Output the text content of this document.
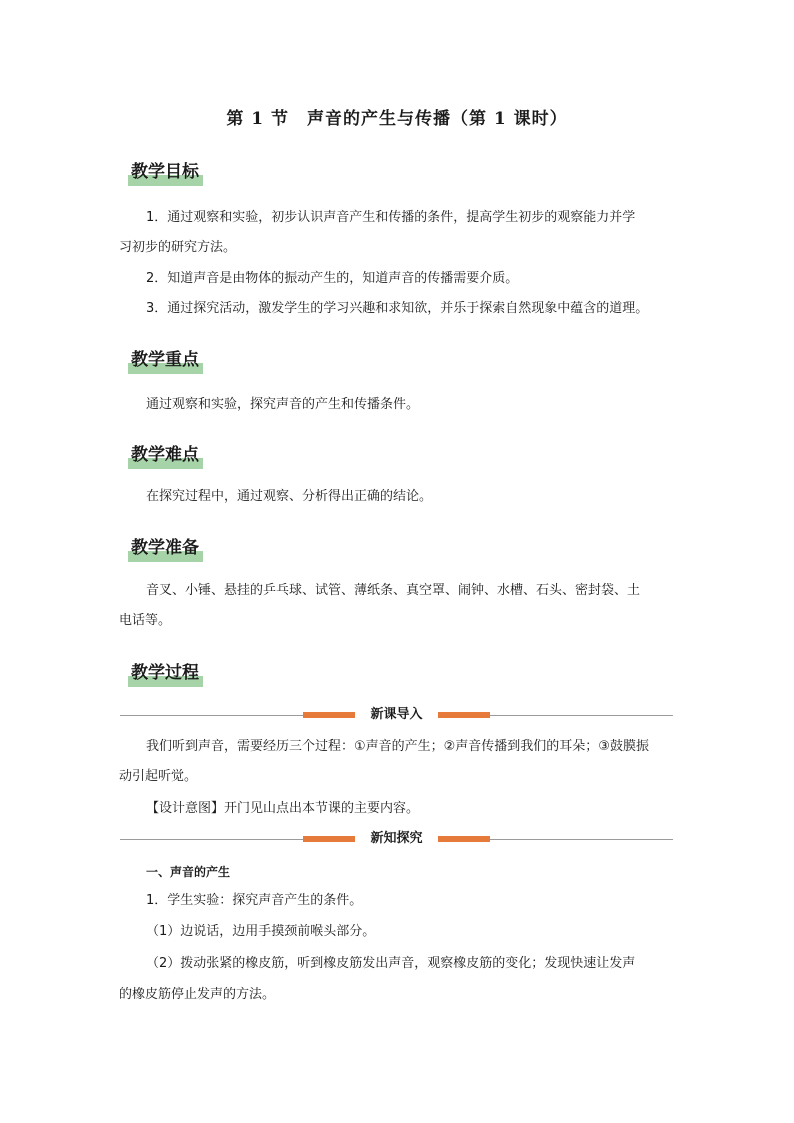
第 1 节　声音的产生与传播（第 1 课时）
教学目标
1．通过观察和实验，初步认识声音产生和传播的条件，提高学生初步的观察能力并学
习初步的研究方法。
2．知道声音是由物体的振动产生的，知道声音的传播需要介质。
3．通过探究活动，激发学生的学习兴趣和求知欲，并乐于探索自然现象中蕴含的道理。
教学重点
通过观察和实验，探究声音的产生和传播条件。
教学难点
在探究过程中，通过观察、分析得出正确的结论。
教学准备
音叉、小锤、悬挂的乒乓球、试管、薄纸条、真空罩、闹钟、水槽、石头、密封袋、土
电话等。
教学过程
新课导入
我们听到声音，需要经历三个过程：①声音的产生；②声音传播到我们的耳朵；③鼓膜振
动引起听觉。
【设计意图】开门见山点出本节课的主要内容。
新知探究
一、声音的产生
1．学生实验：探究声音产生的条件。
（1）边说话，边用手摸颈前喉头部分。
（2）拨动张紧的橡皮筋，听到橡皮筋发出声音，观察橡皮筋的变化；发现快速让发声
的橡皮筋停止发声的方法。
